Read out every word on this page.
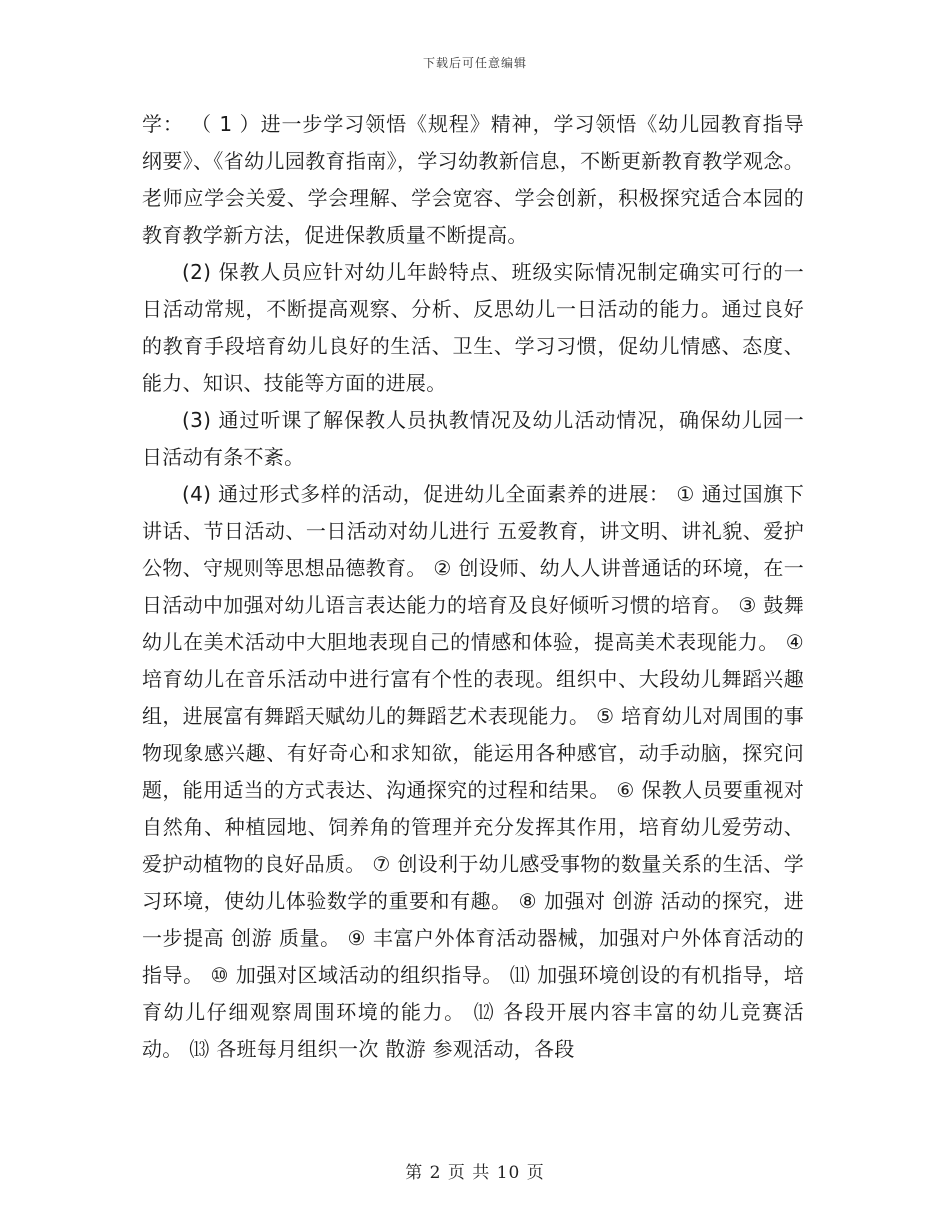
下载后可任意编辑

学： （ 1 ）进一步学习领悟《规程》精神，学习领悟《幼儿园教育指导纲要》、《省幼儿园教育指南》，学习幼教新信息，不断更新教育教学观念。老师应学会关爱、学会理解、学会宽容、学会创新，积极探究适合本园的教育教学新方法，促进保教质量不断提高。

(2) 保教人员应针对幼儿年龄特点、班级实际情况制定确实可行的一日活动常规，不断提高观察、分析、反思幼儿一日活动的能力。通过良好的教育手段培育幼儿良好的生活、卫生、学习习惯，促幼儿情感、态度、能力、知识、技能等方面的进展。

(3) 通过听课了解保教人员执教情况及幼儿活动情况，确保幼儿园一日活动有条不紊。

(4) 通过形式多样的活动，促进幼儿全面素养的进展： ① 通过国旗下讲话、节日活动、一日活动对幼儿进行 五爱教育，讲文明、讲礼貌、爱护公物、守规则等思想品德教育。 ② 创设师、幼人人讲普通话的环境，在一日活动中加强对幼儿语言表达能力的培育及良好倾听习惯的培育。 ③ 鼓舞幼儿在美术活动中大胆地表现自己的情感和体验，提高美术表现能力。 ④ 培育幼儿在音乐活动中进行富有个性的表现。组织中、大段幼儿舞蹈兴趣组，进展富有舞蹈天赋幼儿的舞蹈艺术表现能力。 ⑤ 培育幼儿对周围的事物现象感兴趣、有好奇心和求知欲，能运用各种感官，动手动脑，探究问题，能用适当的方式表达、沟通探究的过程和结果。 ⑥ 保教人员要重视对自然角、种植园地、饲养角的管理并充分发挥其作用，培育幼儿爱劳动、爱护动植物的良好品质。 ⑦ 创设利于幼儿感受事物的数量关系的生活、学习环境，使幼儿体验数学的重要和有趣。 ⑧ 加强对 创游 活动的探究，进一步提高 创游 质量。 ⑨ 丰富户外体育活动器械，加强对户外体育活动的指导。 ⑩ 加强对区域活动的组织指导。 ⑾ 加强环境创设的有机指导，培育幼儿仔细观察周围环境的能力。 ⑿ 各段开展内容丰富的幼儿竞赛活动。 ⒀ 各班每月组织一次 散游 参观活动，各段

第 2 页 共 10 页
